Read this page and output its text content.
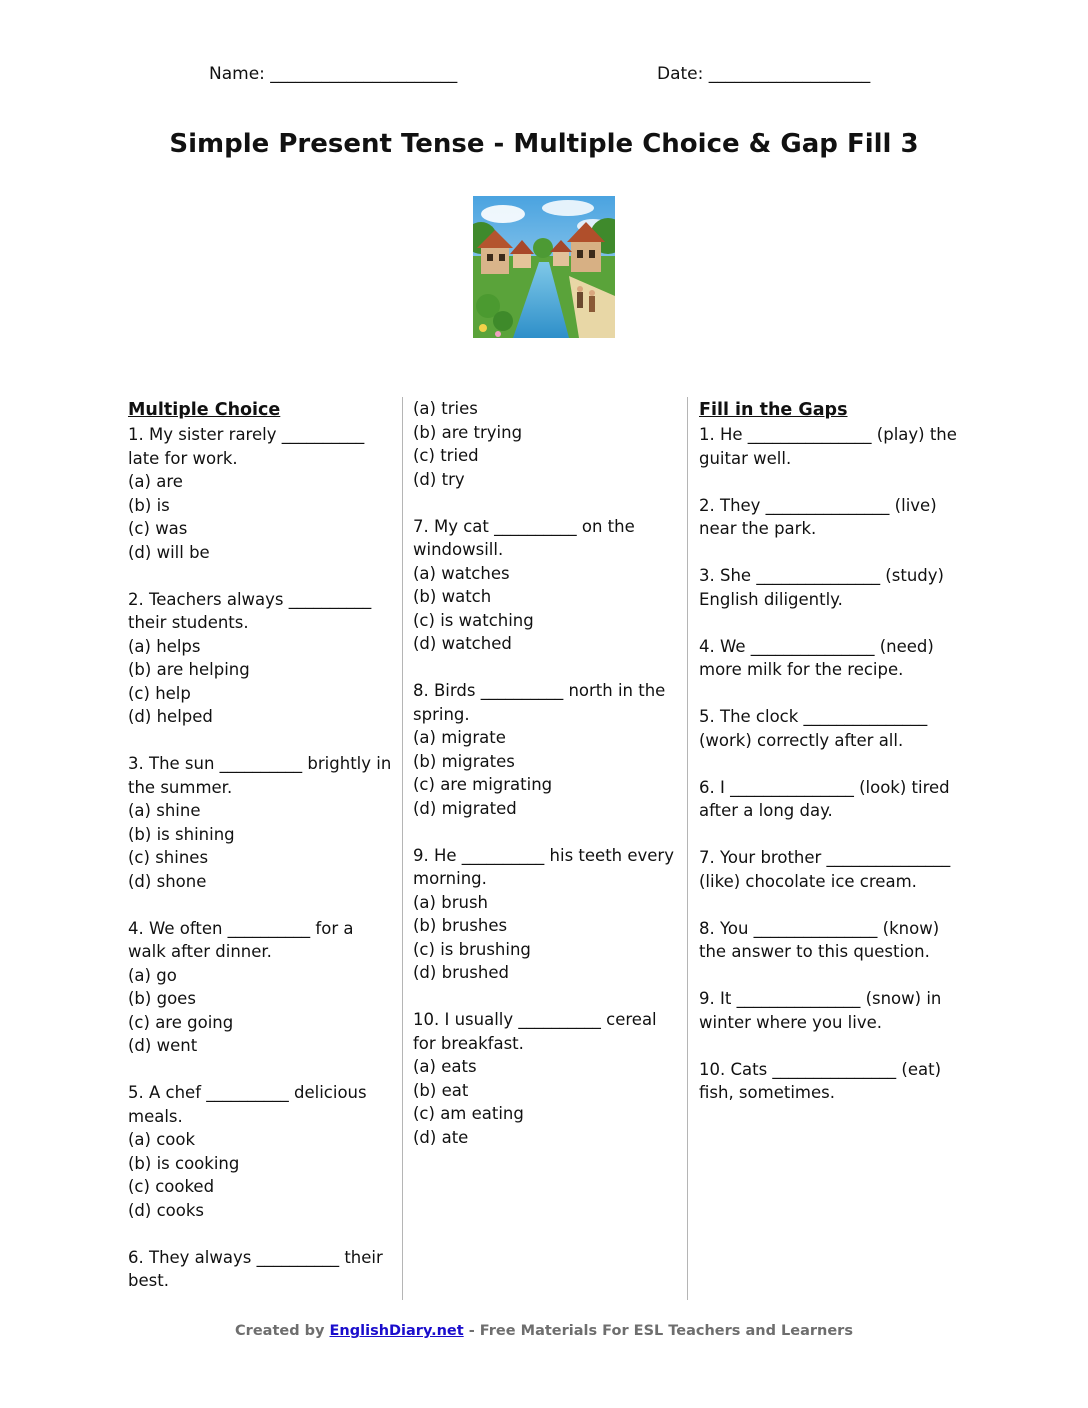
Name: ______________________	Date: ___________________
Simple Present Tense - Multiple Choice & Gap Fill 3
Multiple Choice
1. My sister rarely __________
late for work.
(a) are
(b) is
(c) was
(d) will be
2. Teachers always __________
their students.
(a) helps
(b) are helping
(c) help
(d) helped
3. The sun __________ brightly in
the summer.
(a) shine
(b) is shining
(c) shines
(d) shone
4. We often __________ for a
walk after dinner.
(a) go
(b) goes
(c) are going
(d) went
5. A chef __________ delicious
meals.
(a) cook
(b) is cooking
(c) cooked
(d) cooks
6. They always __________ their
best.
(a) tries
(b) are trying
(c) tried
(d) try
7. My cat __________ on the
windowsill.
(a) watches
(b) watch
(c) is watching
(d) watched
8. Birds __________ north in the
spring.
(a) migrate
(b) migrates
(c) are migrating
(d) migrated
9. He __________ his teeth every
morning.
(a) brush
(b) brushes
(c) is brushing
(d) brushed
10. I usually __________ cereal
for breakfast.
(a) eats
(b) eat
(c) am eating
(d) ate
Fill in the Gaps
1. He _______________ (play) the
guitar well.
2. They _______________ (live)
near the park.
3. She _______________ (study)
English diligently.
4. We _______________ (need)
more milk for the recipe.
5. The clock _______________
(work) correctly after all.
6. I _______________ (look) tired
after a long day.
7. Your brother _______________
(like) chocolate ice cream.
8. You _______________ (know)
the answer to this question.
9. It _______________ (snow) in
winter where you live.
10. Cats _______________ (eat)
fish, sometimes.
Created by EnglishDiary.net - Free Materials For ESL Teachers and Learners
